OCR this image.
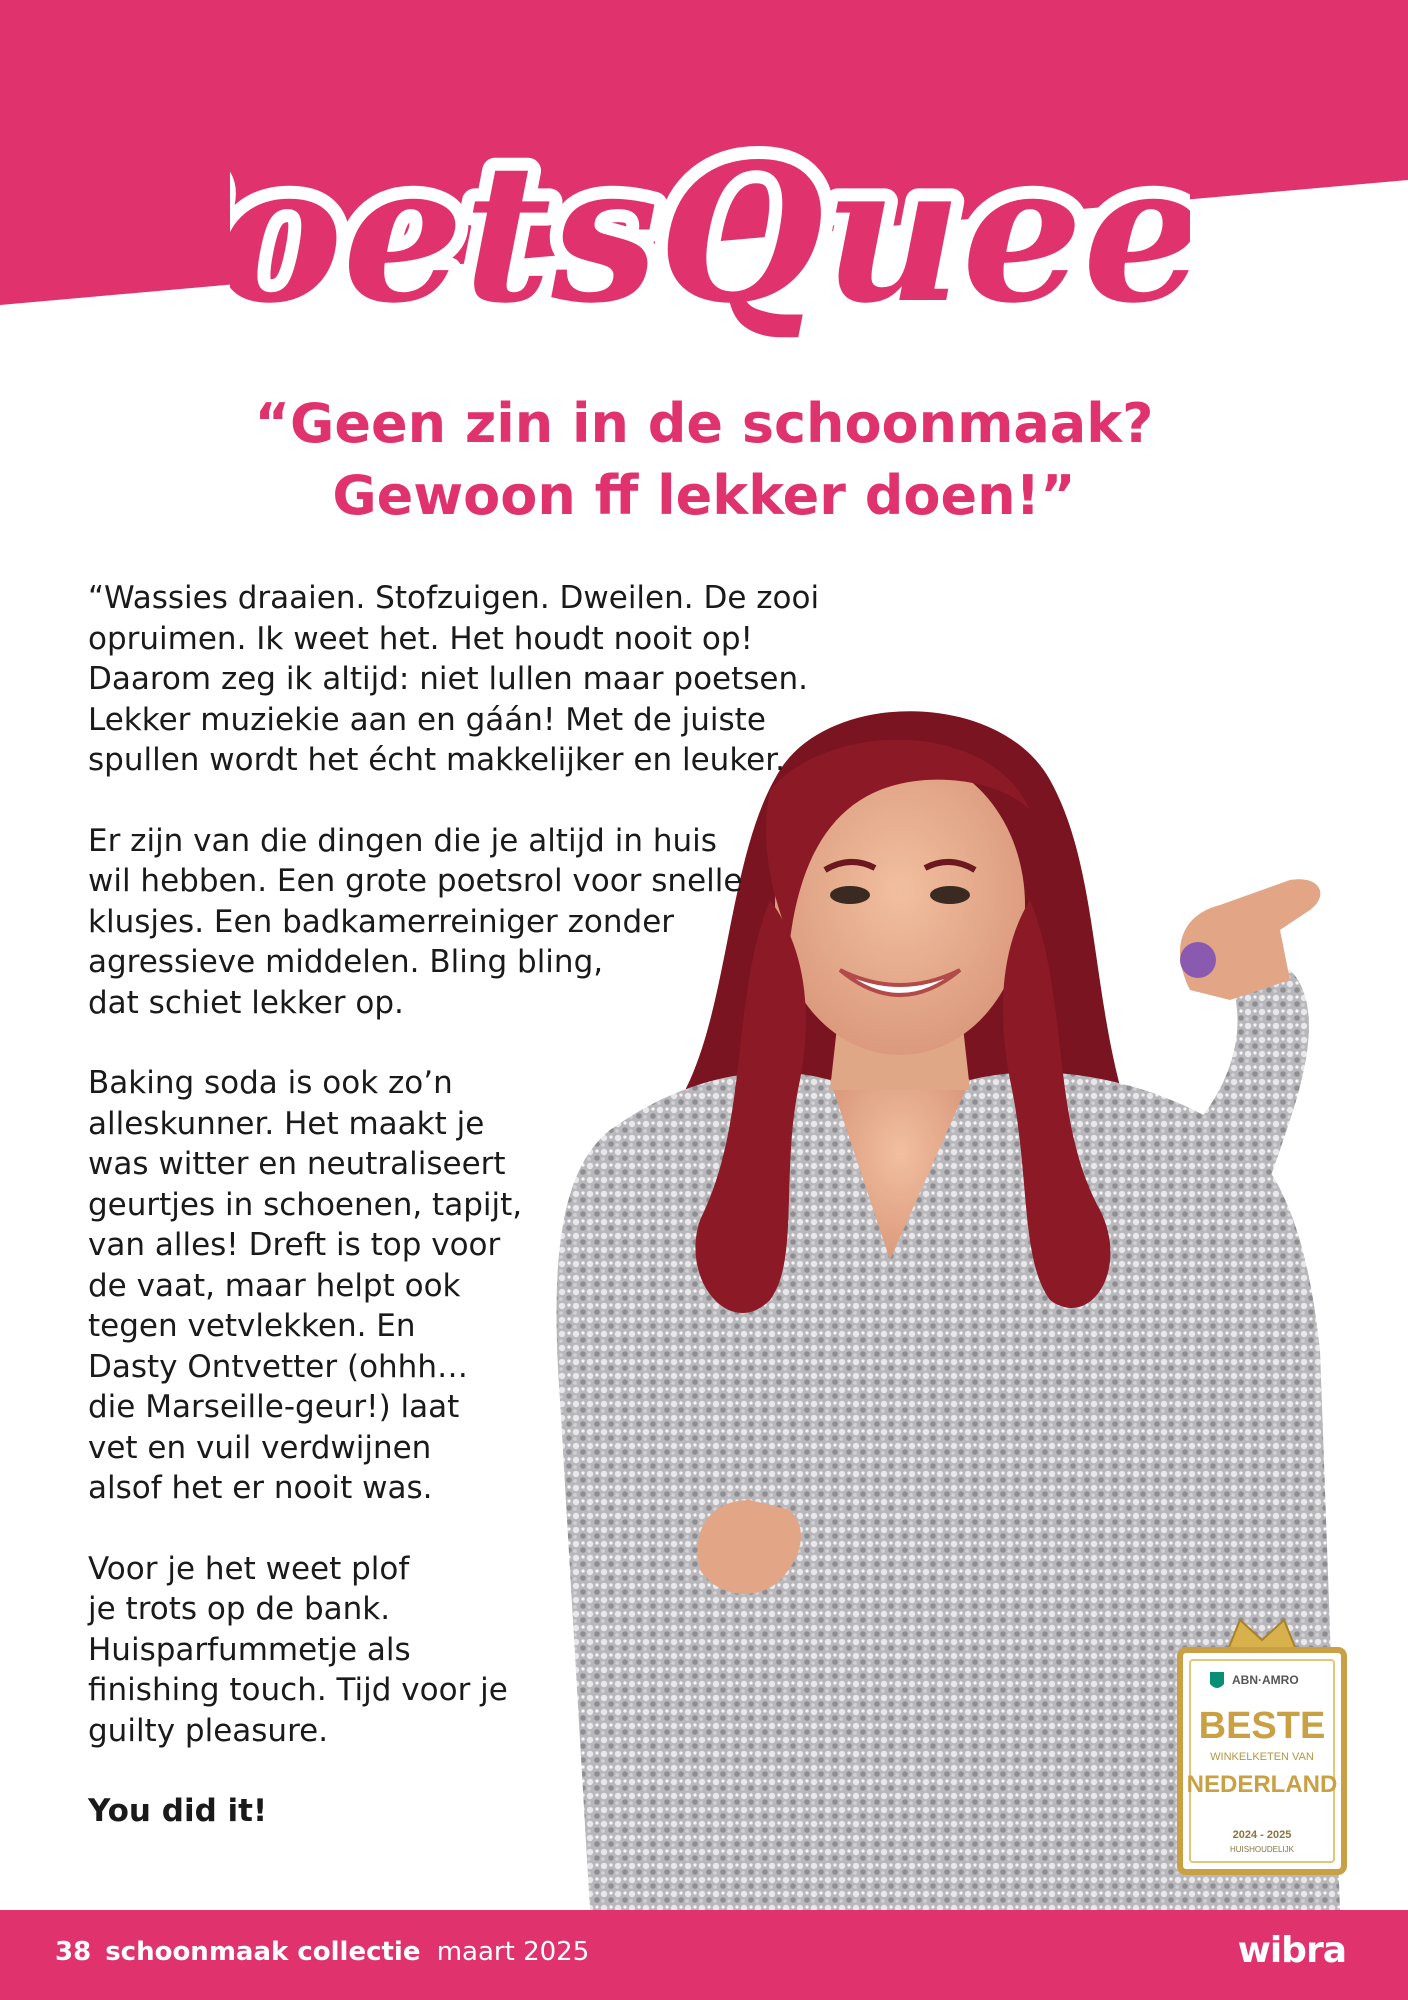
etsQue
etsQue
“Geen zin in de schoonmaak?
Gewoon ff lekker doen!”
“Wassies draaien. Stofzuigen. Dweilen. De zooi
opruimen. Ik weet het. Het houdt nooit op!
Daarom zeg ik altijd: niet lullen maar poetsen.
Lekker muziekie aan en gáán! Met de juiste
spullen wordt het écht makkelijker en leuker.
Er zijn van die dingen die je altijd in huis
wil hebben. Een grote poetsrol voor snelle
klusjes. Een badkamerreiniger zonder
agressieve middelen. Bling bling,
dat schiet lekker op.
Baking soda is ook zo’n
alleskunner. Het maakt je
was witter en neutraliseert
geurtjes in schoenen, tapijt,
van alles! Dreft is top voor
de vaat, maar helpt ook
tegen vetvlekken. En
Dasty Ontvetter (ohhh…
die Marseille-geur!) laat
vet en vuil verdwijnen
alsof het er nooit was.
Voor je het weet plof
je trots op de bank.
Huisparfummetje als
finishing touch. Tijd voor je
guilty pleasure.
You did it!
ABN·AMRO
BESTE
WINKELKETEN VAN
NEDERLAND
2024 - 2025
HUISHOUDELIJK
38 schoonmaak collectie maart 2025	wibra
